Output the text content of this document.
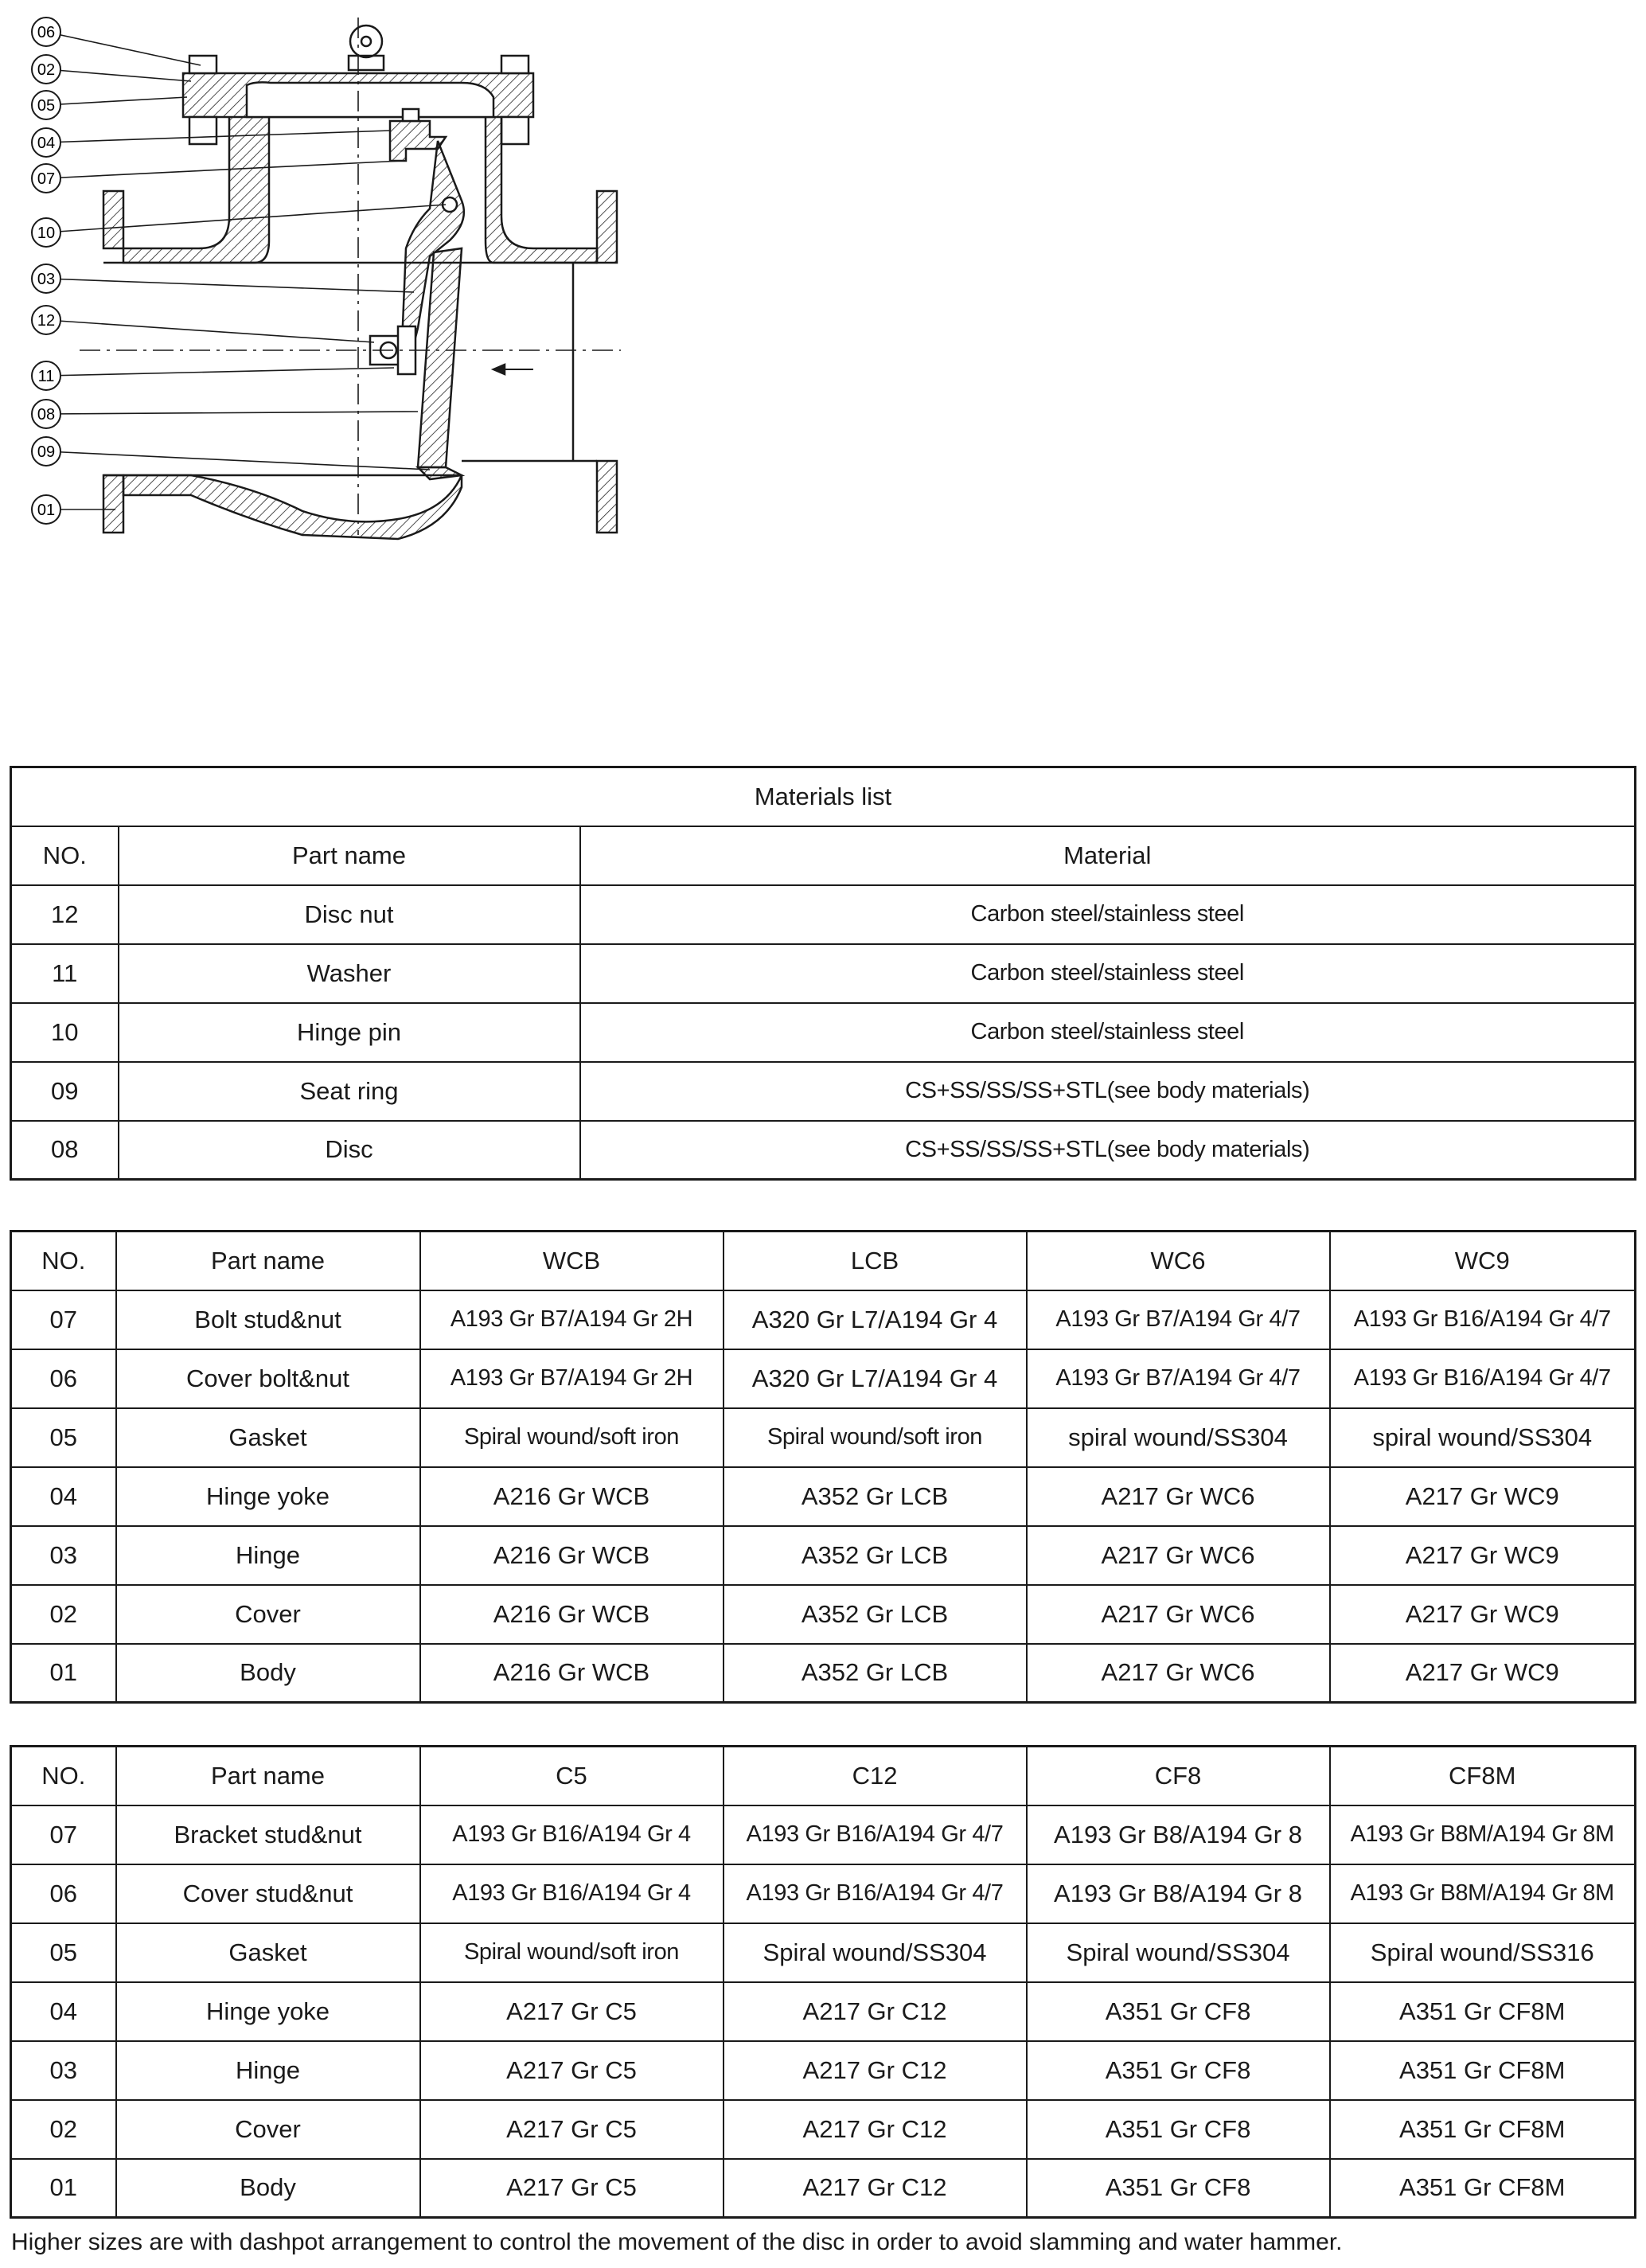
06
02
05
04
07
10
03
12
11
08
09
01
Materials list		
NO.	Part name	Material
12	Disc nut	Carbon steel/stainless steel
11	Washer	Carbon steel/stainless steel
10	Hinge pin	Carbon steel/stainless steel
09	Seat ring	CS+SS/SS/SS+STL(see body materials)
08	Disc	CS+SS/SS/SS+STL(see body materials)
NO.	Part name	WCB	LCB	WC6	WC9
07	Bolt stud&nut	A193 Gr B7/A194 Gr 2H	A320 Gr L7/A194 Gr 4	A193 Gr B7/A194 Gr 4/7	A193 Gr B16/A194 Gr 4/7
06	Cover bolt&nut	A193 Gr B7/A194 Gr 2H	A320 Gr L7/A194 Gr 4	A193 Gr B7/A194 Gr 4/7	A193 Gr B16/A194 Gr 4/7
05	Gasket	Spiral wound/soft iron	Spiral wound/soft iron	spiral wound/SS304	spiral wound/SS304
04	Hinge yoke	A216 Gr WCB	A352 Gr LCB	A217 Gr WC6	A217 Gr WC9
03	Hinge	A216 Gr WCB	A352 Gr LCB	A217 Gr WC6	A217 Gr WC9
02	Cover	A216 Gr WCB	A352 Gr LCB	A217 Gr WC6	A217 Gr WC9
01	Body	A216 Gr WCB	A352 Gr LCB	A217 Gr WC6	A217 Gr WC9
NO.	Part name	C5	C12	CF8	CF8M
07	Bracket stud&nut	A193 Gr B16/A194 Gr 4	A193 Gr B16/A194 Gr 4/7	A193 Gr B8/A194 Gr 8	A193 Gr B8M/A194 Gr 8M
06	Cover stud&nut	A193 Gr B16/A194 Gr 4	A193 Gr B16/A194 Gr 4/7	A193 Gr B8/A194 Gr 8	A193 Gr B8M/A194 Gr 8M
05	Gasket	Spiral wound/soft iron	Spiral wound/SS304	Spiral wound/SS304	Spiral wound/SS316
04	Hinge yoke	A217 Gr C5	A217 Gr C12	A351 Gr CF8	A351 Gr CF8M
03	Hinge	A217 Gr C5	A217 Gr C12	A351 Gr CF8	A351 Gr CF8M
02	Cover	A217 Gr C5	A217 Gr C12	A351 Gr CF8	A351 Gr CF8M
01	Body	A217 Gr C5	A217 Gr C12	A351 Gr CF8	A351 Gr CF8M
Higher sizes are with dashpot arrangement to control the movement of the disc in order to avoid slamming and water hammer.
